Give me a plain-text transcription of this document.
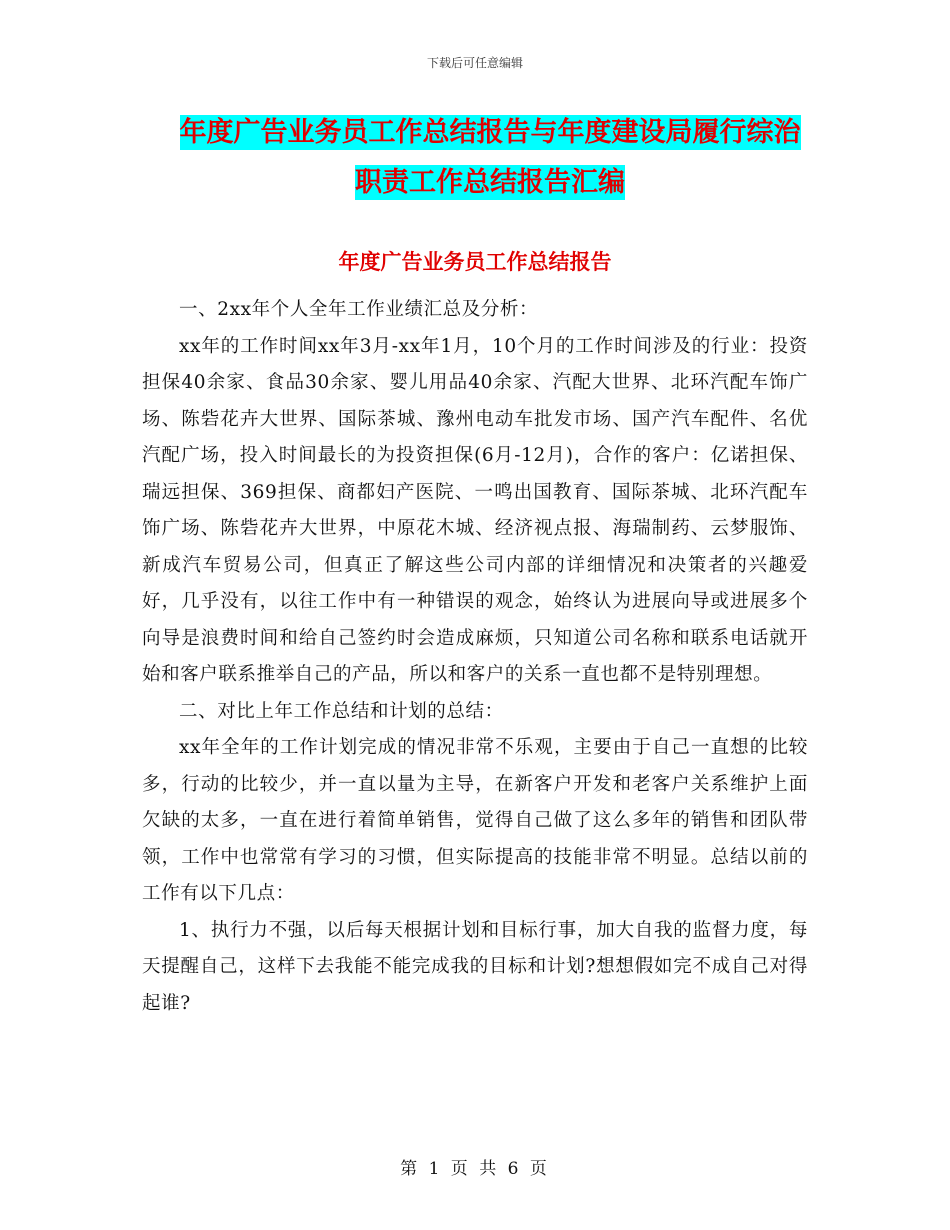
下载后可任意编辑
年度广告业务员工作总结报告与年度建设局履行综治
职责工作总结报告汇编
年度广告业务员工作总结报告

一、2xx年个人全年工作业绩汇总及分析：

xx年的工作时间xx年3月-xx年1月，10个月的工作时间涉及的行业：投资担保40余家、食品30余家、婴儿用品40余家、汽配大世界、北环汽配车饰广场、陈砦花卉大世界、国际茶城、豫州电动车批发市场、国产汽车配件、名优汽配广场，投入时间最长的为投资担保(6月-12月)，合作的客户：亿诺担保、瑞远担保、369担保、商都妇产医院、一鸣出国教育、国际茶城、北环汽配车饰广场、陈砦花卉大世界，中原花木城、经济视点报、海瑞制药、云梦服饰、新成汽车贸易公司，但真正了解这些公司内部的详细情况和决策者的兴趣爱好，几乎没有，以往工作中有一种错误的观念，始终认为进展向导或进展多个向导是浪费时间和给自己签约时会造成麻烦，只知道公司名称和联系电话就开始和客户联系推举自己的产品，所以和客户的关系一直也都不是特别理想。

二、对比上年工作总结和计划的总结：

xx年全年的工作计划完成的情况非常不乐观，主要由于自己一直想的比较多，行动的比较少，并一直以量为主导，在新客户开发和老客户关系维护上面欠缺的太多，一直在进行着简单销售，觉得自己做了这么多年的销售和团队带领，工作中也常常有学习的习惯，但实际提高的技能非常不明显。总结以前的工作有以下几点：

1、执行力不强，以后每天根据计划和目标行事，加大自我的监督力度，每天提醒自己，这样下去我能不能完成我的目标和计划?想想假如完不成自己对得起谁?

第 1 页 共 6 页
